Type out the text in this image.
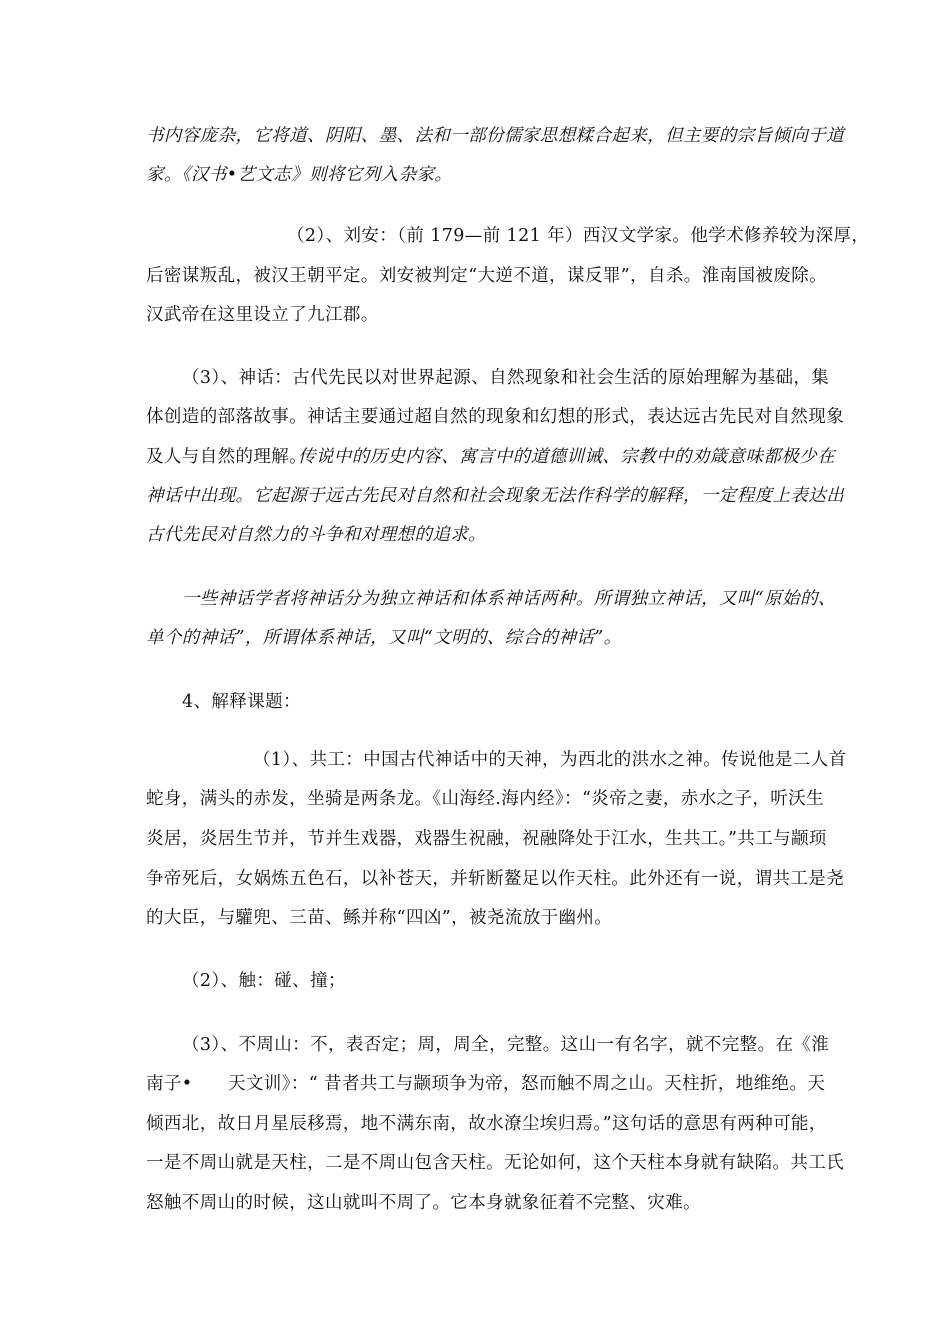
书内容庞杂，它将道、阴阳、墨、法和一部份儒家思想糅合起来，但主要的宗旨倾向于道
家。《汉书•艺文志》则将它列入杂家。
（2）、刘安：（前 179—前 121 年）西汉文学家。他学术修养较为深厚，
后密谋叛乱，被汉王朝平定。刘安被判定“大逆不道，谋反罪”，自杀。淮南国被废除。
汉武帝在这里设立了九江郡。
（3）、神话：古代先民以对世界起源、自然现象和社会生活的原始理解为基础，集
体创造的部落故事。神话主要通过超自然的现象和幻想的形式，表达远古先民对自然现象
及人与自然的理解。
传说中的历史内容、寓言中的道德训诫、宗教中的劝箴意味都极少在
神话中出现。它起源于远古先民对自然和社会现象无法作科学的解释，一定程度上表达出
古代先民对自然力的斗争和对理想的追求。
一些神话学者将神话分为独立神话和体系神话两种。所谓独立神话，又叫“原始的、
单个的神话”，所谓体系神话，又叫“文明的、综合的神话”。
4、解释课题：
（1）、共工：中国古代神话中的天神，为西北的洪水之神。传说他是二人首
蛇身，满头的赤发，坐骑是两条龙。《山海经.海内经》：“炎帝之妻，赤水之子，听沃生
炎居，炎居生节并，节并生戏器，戏器生祝融，祝融降处于江水，生共工。”共工与颛顼
争帝死后，女娲炼五色石，以补苍天，并斩断鳌足以作天柱。此外还有一说，谓共工是尧
的大臣，与驩兜、三苗、鲧并称“四凶”，被尧流放于幽州。
（2）、触：碰、撞；
（3）、不周山：不，表否定；周，周全，完整。这山一有名字，就不完整。在《淮
南子• 天文训》：“ 昔者共工与颛顼争为帝，怒而触不周之山。天柱折，地维绝。天
倾西北，故日月星辰移焉，地不满东南，故水潦尘埃归焉。”这句话的意思有两种可能，
一是不周山就是天柱，二是不周山包含天柱。无论如何，这个天柱本身就有缺陷。共工氏
怒触不周山的时候，这山就叫不周了。它本身就象征着不完整、灾难。
